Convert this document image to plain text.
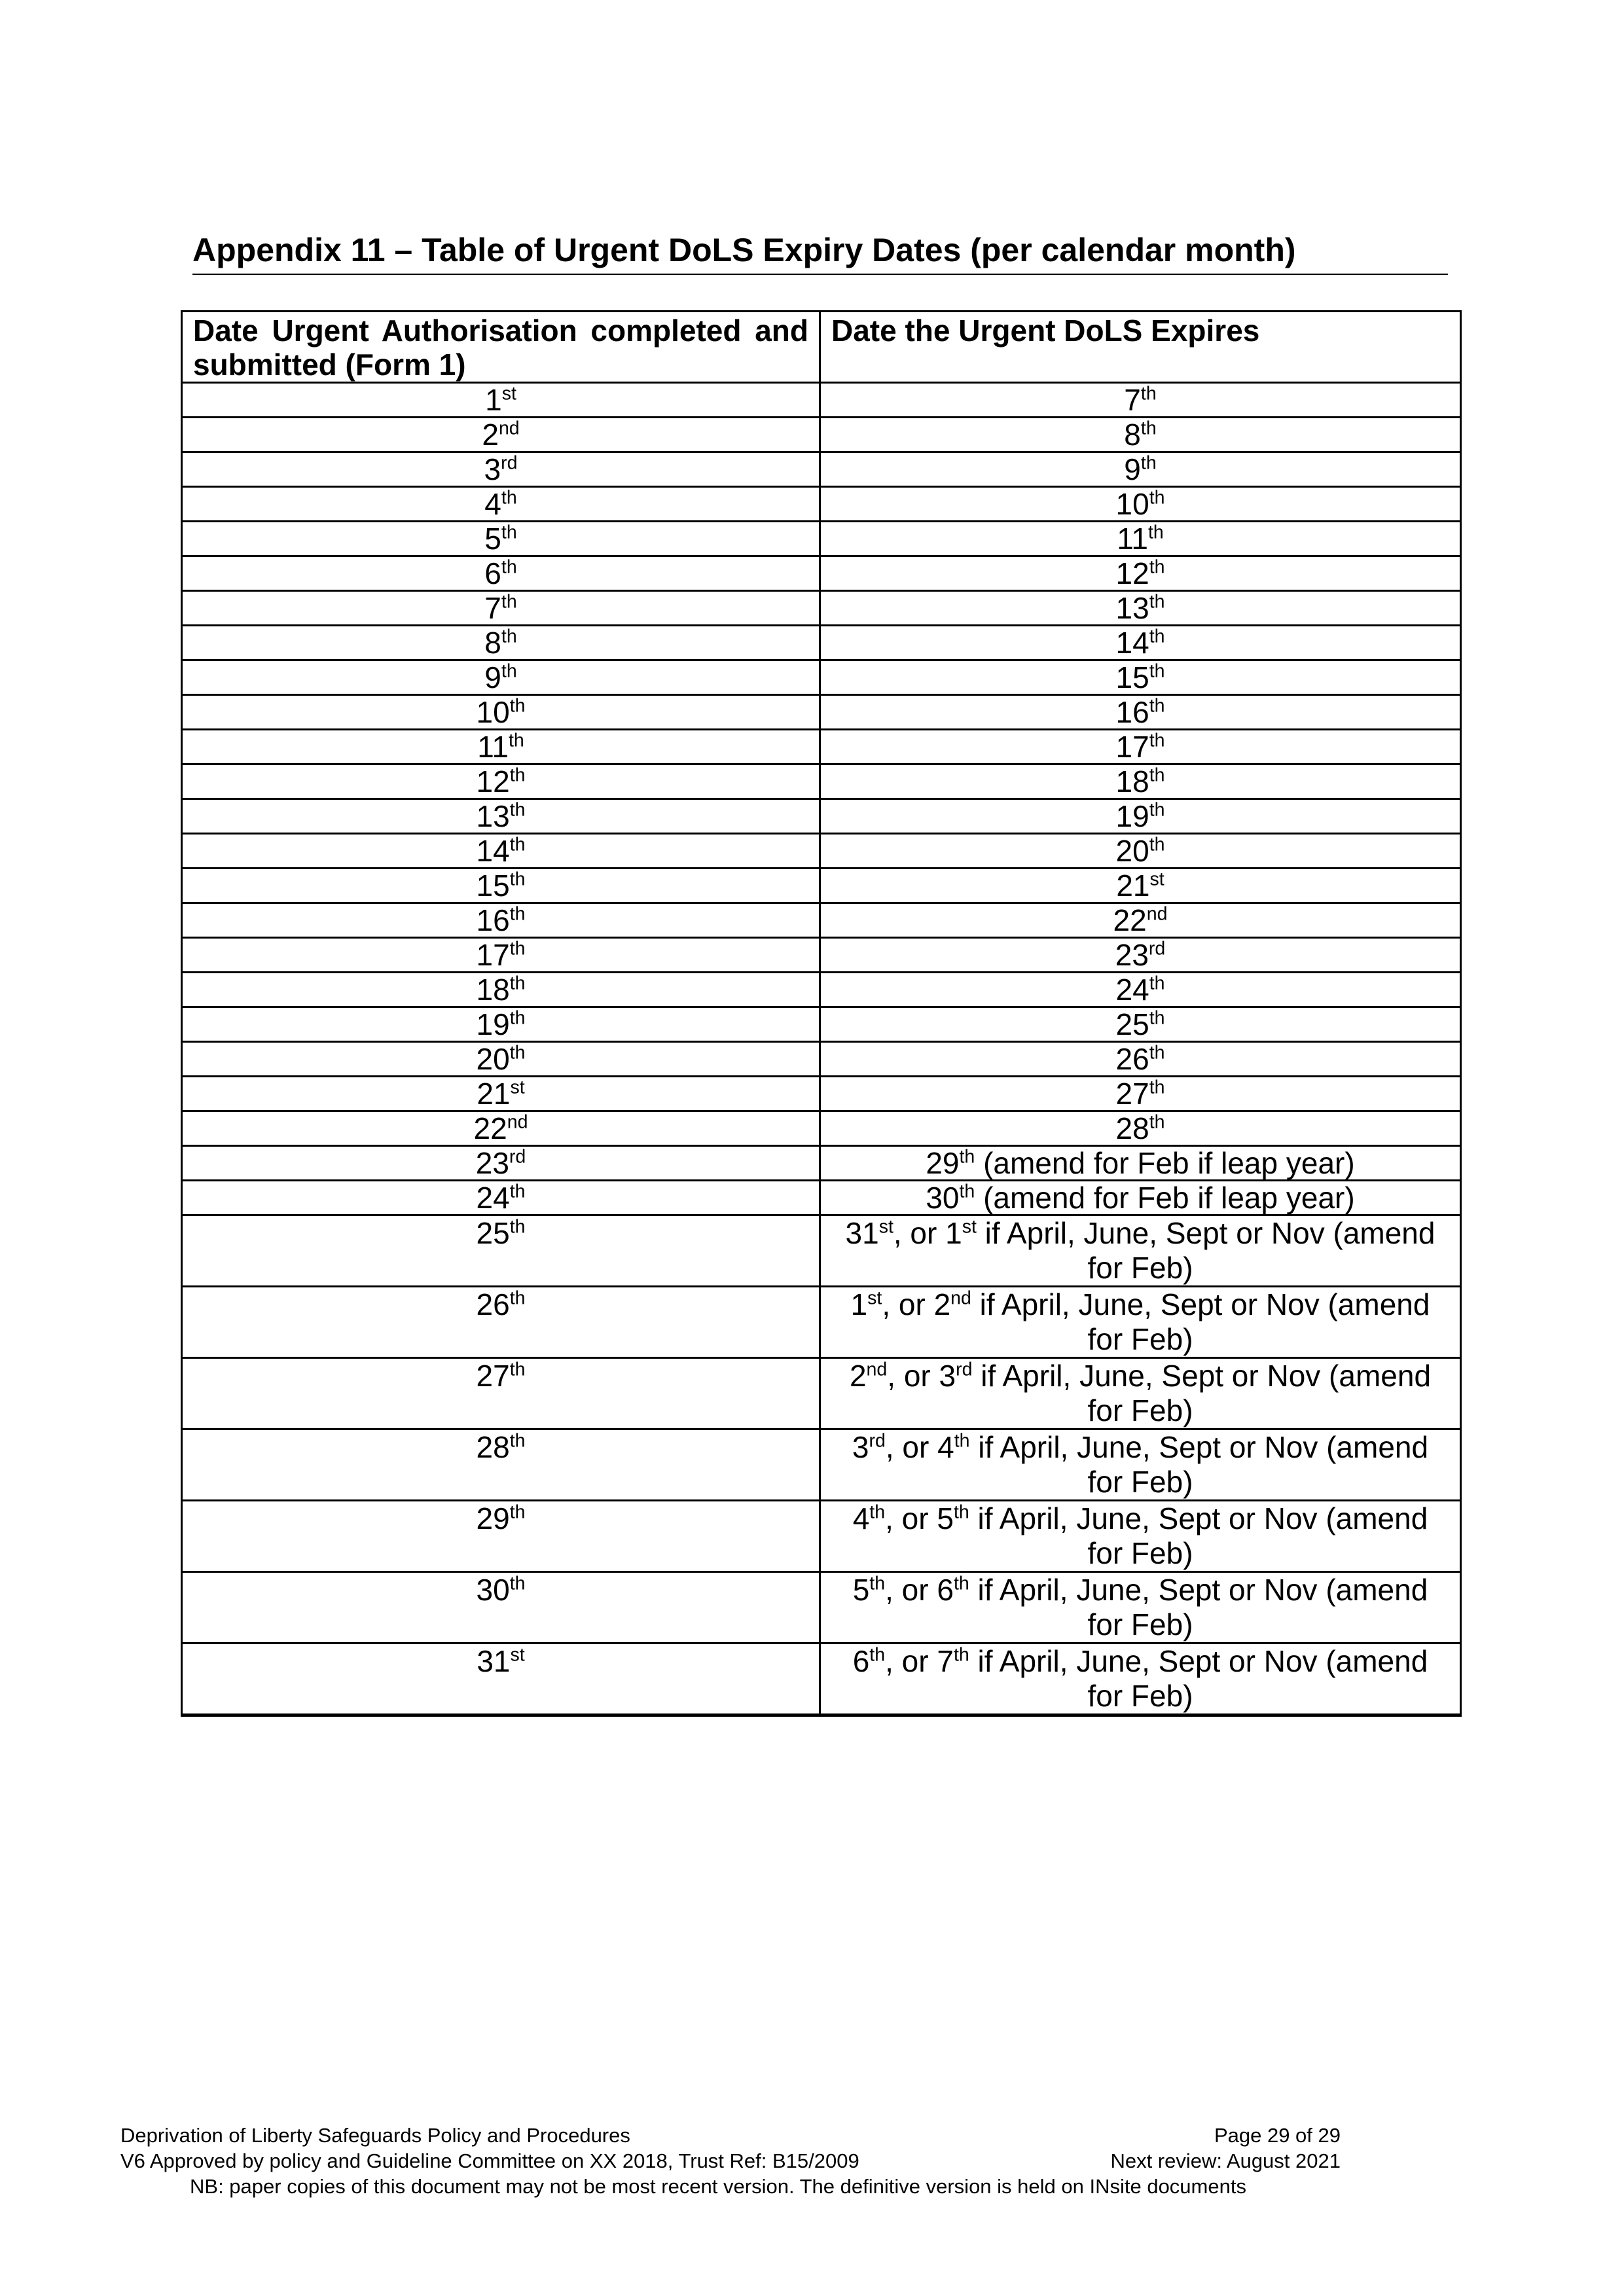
Appendix 11 – Table of Urgent DoLS Expiry Dates (per calendar month)
Date Urgent Authorisation completed and submitted (Form 1)	Date the Urgent DoLS Expires
1st	7th
2nd	8th
3rd	9th
4th	10th
5th	11th
6th	12th
7th	13th
8th	14th
9th	15th
10th	16th
11th	17th
12th	18th
13th	19th
14th	20th
15th	21st
16th	22nd
17th	23rd
18th	24th
19th	25th
20th	26th
21st	27th
22nd	28th
23rd	29th (amend for Feb if leap year)
24th	30th (amend for Feb if leap year)
25th	31st, or 1st if April, June, Sept or Nov (amend for Feb)
26th	1st, or 2nd if April, June, Sept or Nov (amend for Feb)
27th	2nd, or 3rd if April, June, Sept or Nov (amend for Feb)
28th	3rd, or 4th if April, June, Sept or Nov (amend for Feb)
29th	4th, or 5th if April, June, Sept or Nov (amend for Feb)
30th	5th, or 6th if April, June, Sept or Nov (amend for Feb)
31st	6th, or 7th if April, June, Sept or Nov (amend for Feb)
Deprivation of Liberty Safeguards Policy and Procedures	Page 29 of 29
V6 Approved by policy and Guideline Committee on XX 2018, Trust Ref: B15/2009	Next review: August 2021
NB: paper copies of this document may not be most recent version. The definitive version is held on INsite documents
